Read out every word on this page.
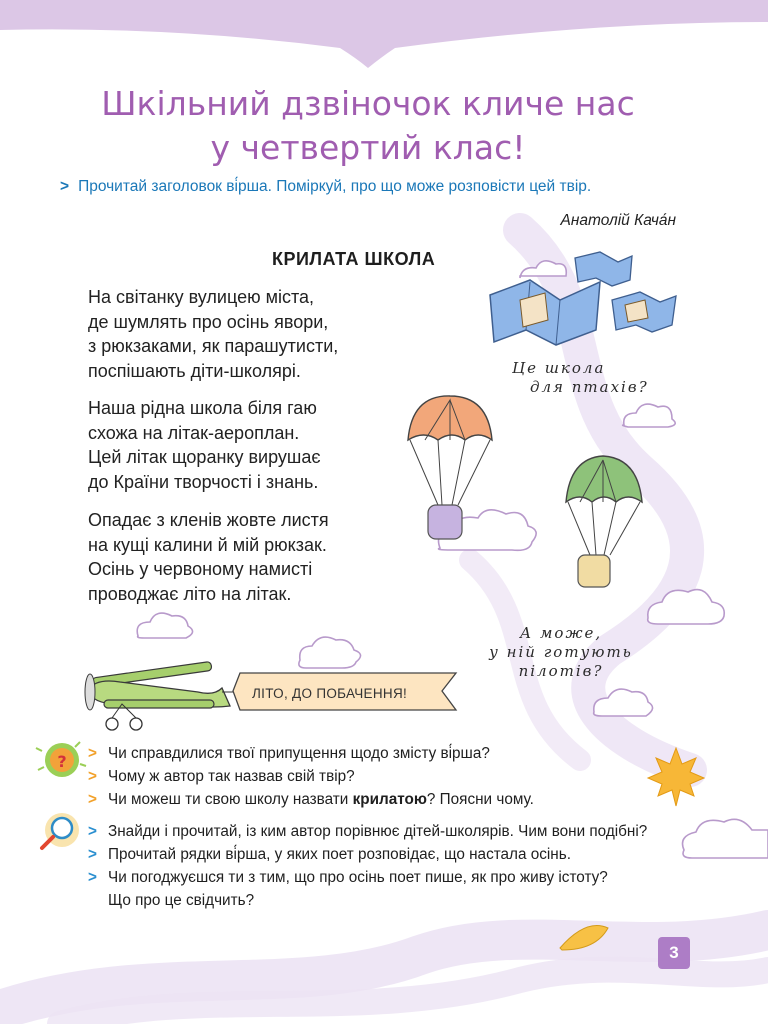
Шкільний дзвіночок кличе нас
у четвертий клас!
> Прочитай заголовок ві́рша. Поміркуй, про що може розповісти цей твір.
Анатолій Кача́н
КРИЛАТА ШКОЛА
На світанку вулицею міста,
де шумлять про осінь явори,
з рюкзаками, як парашутисти,
поспішають діти-школярі.
Наша рідна школа біля гаю
схожа на літак-аероплан.
Цей літак щоранку вирушає
до Країни творчості і знань.
Опадає з кленів жовте листя
на кущі калини й мій рюкзак.
Осінь у червоному намисті
проводжає літо на літак.
?
Це школа
для птахів?
А може,
у ній готують
пілотів?
ЛІТО, ДО ПОБАЧЕННЯ!
> Чи справдилися твої припущення щодо змісту ві́рша?
> Чому ж автор так назвав свій твір?
> Чи можеш ти свою школу назвати крилатою? Поясни чому.
> Знайди і прочитай, із ким автор порівнює дітей-школярів. Чим вони подібні?
> Прочитай рядки ві́рша, у яких поет розповідає, що настала осінь.
> Чи погоджуєшся ти з тим, що про осінь поет пише, як про живу істоту?
Що про це свідчить?
3
